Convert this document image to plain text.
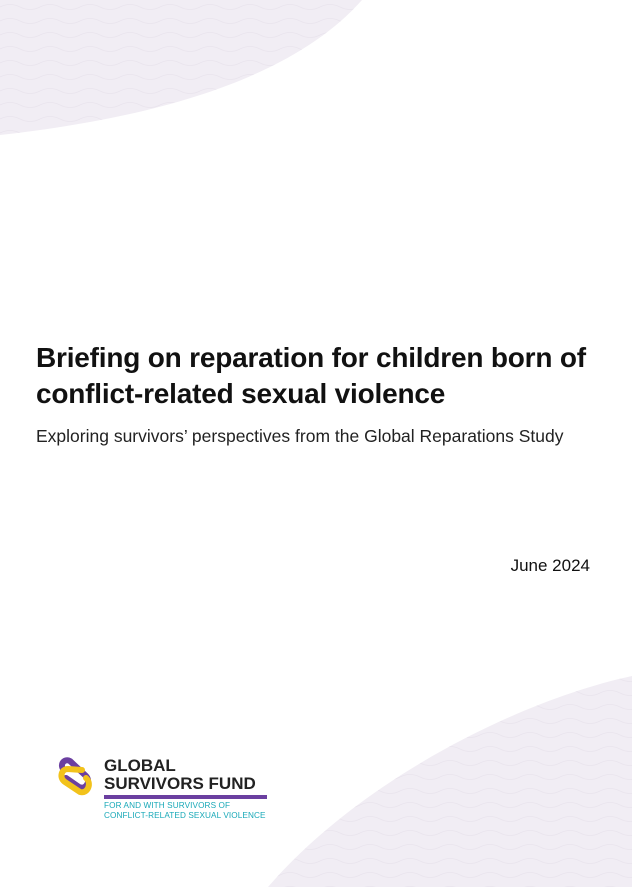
Briefing on reparation for children born of conflict-related sexual violence

Exploring survivors’ perspectives from the Global Reparations Study

June 2024

GLOBAL
SURVIVORS FUND
FOR AND WITH SURVIVORS OF
CONFLICT-RELATED SEXUAL VIOLENCE
